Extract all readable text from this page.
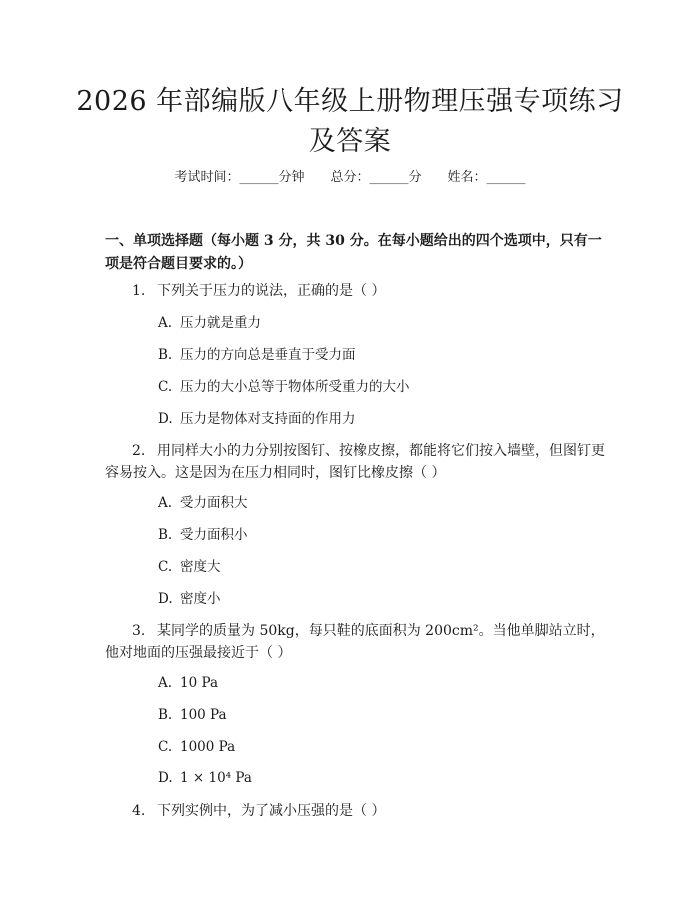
2026 年部编版八年级上册物理压强专项练习
及答案
考试时间：______分钟 总分：______分 姓名：______
一、单项选择题（每小题 3 分，共 30 分。在每小题给出的四个选项中，只有一项是符合题目要求的。）
1. 下列关于压力的说法，正确的是（ ）
A. 压力就是重力
B. 压力的方向总是垂直于受力面
C. 压力的大小总等于物体所受重力的大小
D. 压力是物体对支持面的作用力
2. 用同样大小的力分别按图钉、按橡皮擦，都能将它们按入墙壁，但图钉更容易按入。这是因为在压力相同时，图钉比橡皮擦（ ）
A. 受力面积大
B. 受力面积小
C. 密度大
D. 密度小
3. 某同学的质量为 50kg，每只鞋的底面积为 200cm²。当他单脚站立时，他对地面的压强最接近于（ ）
A. 10 Pa
B. 100 Pa
C. 1000 Pa
D. 1 × 10⁴ Pa
4. 下列实例中，为了减小压强的是（ ）
